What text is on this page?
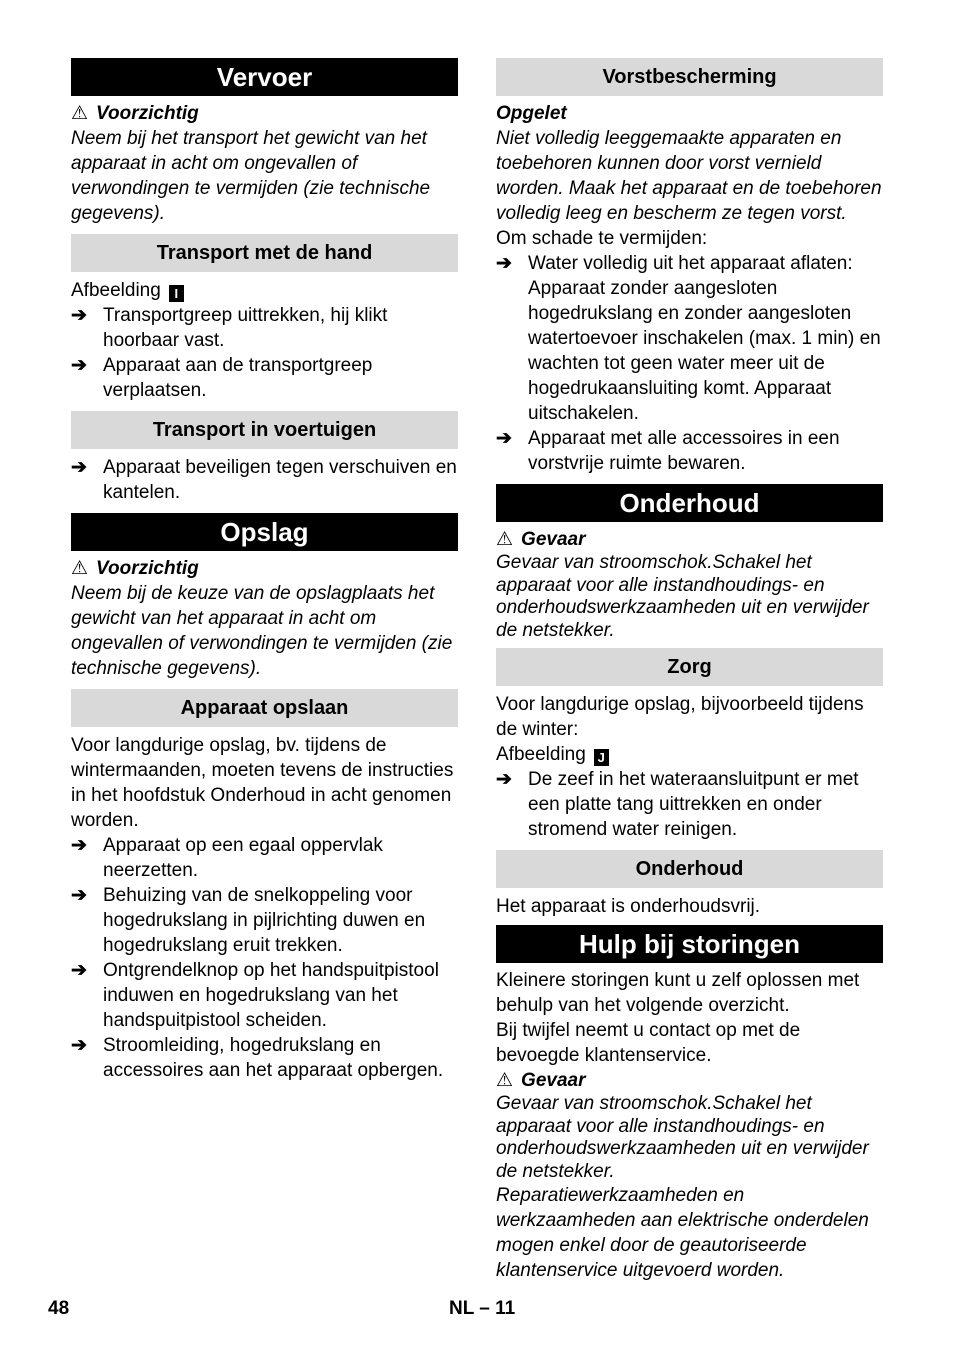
Vervoer
⚠ Voorzichtig

Neem bij het transport het gewicht van het apparaat in acht om ongevallen of verwondingen te vermijden (zie technische gegevens).

Transport met de hand

Afbeelding I

➔ Transportgreep uittrekken, hij klikt hoorbaar vast.
➔ Apparaat aan de transportgreep verplaatsen.
Transport in voertuigen
➔ Apparaat beveiligen tegen verschuiven en kantelen.
Opslag
⚠ Voorzichtig

Neem bij de keuze van de opslagplaats het gewicht van het apparaat in acht om ongevallen of verwondingen te vermijden (zie technische gegevens).

Apparaat opslaan

Voor langdurige opslag, bv. tijdens de wintermaanden, moeten tevens de instructies in het hoofdstuk Onderhoud in acht genomen worden.

➔ Apparaat op een egaal oppervlak neerzetten.
➔ Behuizing van de snelkoppeling voor hogedrukslang in pijlrichting duwen en hogedrukslang eruit trekken.
➔ Ontgrendelknop op het handspuitpistool induwen en hogedrukslang van het handspuitpistool scheiden.
➔ Stroomleiding, hogedrukslang en accessoires aan het apparaat opbergen.
Vorstbescherming
Opgelet

Niet volledig leeggemaakte apparaten en toebehoren kunnen door vorst vernield worden. Maak het apparaat en de toebehoren volledig leeg en bescherm ze tegen vorst.

Om schade te vermijden:

➔ Water volledig uit het apparaat aflaten: Apparaat zonder aangesloten hogedrukslang en zonder aangesloten watertoevoer inschakelen (max. 1 min) en wachten tot geen water meer uit de hogedrukaansluiting komt. Apparaat uitschakelen.
➔ Apparaat met alle accessoires in een vorstvrije ruimte bewaren.
Onderhoud
⚠ Gevaar

Gevaar van stroomschok.Schakel het apparaat voor alle instandhoudings- en onderhoudswerkzaamheden uit en verwijder de netstekker.

Zorg

Voor langdurige opslag, bijvoorbeeld tijdens de winter:

Afbeelding J

➔ De zeef in het wateraansluitpunt er met een platte tang uittrekken en onder stromend water reinigen.
Onderhoud

Het apparaat is onderhoudsvrij.

Hulp bij storingen

Kleinere storingen kunt u zelf oplossen met behulp van het volgende overzicht.

Bij twijfel neemt u contact op met de bevoegde klantenservice.

⚠ Gevaar

Gevaar van stroomschok.Schakel het apparaat voor alle instandhoudings- en onderhoudswerkzaamheden uit en verwijder de netstekker.

Reparatiewerkzaamheden en werkzaamheden aan elektrische onderdelen mogen enkel door de geautoriseerde klantenservice uitgevoerd worden.

48	NL – 11
